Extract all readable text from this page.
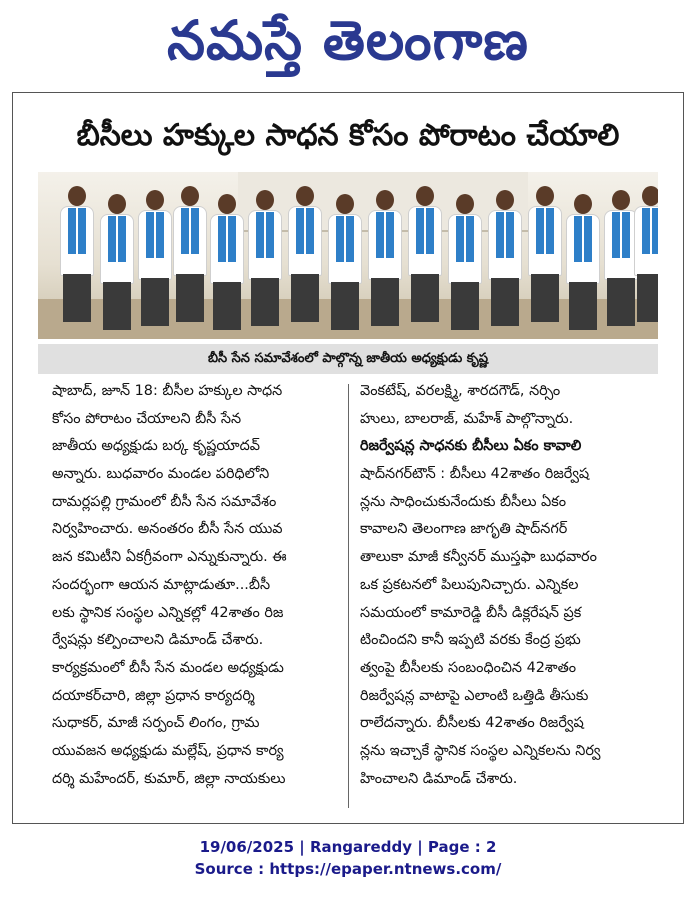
నమస్తే తెలంగాణ
బీసీలు హక్కుల సాధన కోసం పోరాటం చేయాలి
బీసీ సేన సమావేశంలో పాల్గొన్న జాతీయ అధ్యక్షుడు కృష్ణ
షాబాద్‌, జూన్‌ 18: బీసీల హక్కుల సాధన
కోసం పోరాటం చేయాలని బీసీ సేన
జాతీయ అధ్యక్షుడు బర్క కృష్ణయాదవ్‌
అన్నారు. బుధవారం మండల పరిధిలోని
దామర్లపల్లి గ్రామంలో బీసీ సేన సమావేశం
నిర్వహించారు. అనంతరం బీసీ సేన యువ
జన కమిటీని ఏకగ్రీవంగా ఎన్నుకున్నారు. ఈ
సందర్భంగా ఆయన మాట్లాడుతూ...బీసీ
లకు స్థానిక సంస్థల ఎన్నికల్లో 42శాతం రిజ
ర్వేషన్లు కల్పించాలని డిమాండ్‌ చేశారు.
కార్యక్రమంలో బీసీ సేన మండల అధ్యక్షుడు
దయాకర్‌చారి, జిల్లా ప్రధాన కార్యదర్శి
సుధాకర్‌, మాజీ సర్పంచ్‌ లింగం, గ్రామ
యువజన అధ్యక్షుడు మల్లేష్‌, ప్రధాన కార్య
దర్శి మహేందర్‌, కుమార్‌, జిల్లా నాయకులు
వెంకటేష్‌, వరలక్ష్మి, శారదగౌడ్‌, నర్సిం
హులు, బాలరాజ్‌, మహేశ్‌ పాల్గొన్నారు.
రిజర్వేషన్ల సాధనకు బీసీలు ఏకం కావాలి
షాద్‌నగర్‌టౌన్‌ : బీసీలు 42శాతం రిజర్వేష
న్లను సాధించుకునేందుకు బీసీలు ఏకం
కావాలని తెలంగాణ జాగృతి షాద్‌నగర్‌
తాలుకా మాజీ కన్వీనర్‌ ముస్తఫా బుధవారం
ఒక ప్రకటనలో పిలుపునిచ్చారు. ఎన్నికల
సమయంలో కామారెడ్డి బీసీ డిక్లరేషన్‌ ప్రక
టించిందని కానీ ఇప్పటి వరకు కేంద్ర ప్రభు
త్వంపై బీసీలకు సంబంధించిన 42శాతం
రిజర్వేషన్ల వాటాపై ఎలాంటి ఒత్తిడి తీసుకు
రాలేదన్నారు. బీసీలకు 42శాతం రిజర్వేష
న్లను ఇచ్చాకే స్థానిక సంస్థల ఎన్నికలను నిర్వ
హించాలని డిమాండ్‌ చేశారు.
19/06/2025 | Rangareddy | Page : 2
Source : https://epaper.ntnews.com/
